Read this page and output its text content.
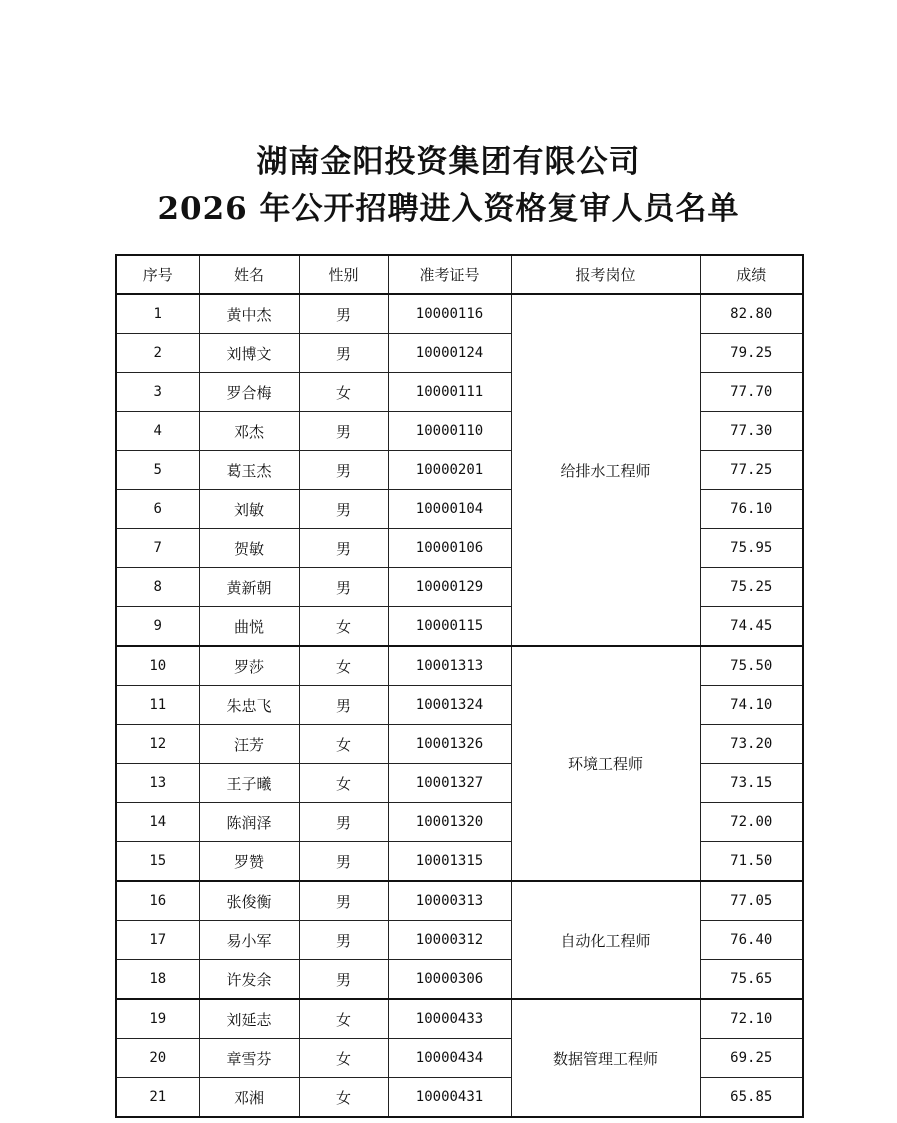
湖南金阳投资集团有限公司
2026 年公开招聘进入资格复审人员名单
序号	姓名	性别	准考证号	报考岗位	成绩
1	黄中杰	男	10000116	给排水工程师	82.80
2	刘博文	男	10000124		79.25
3	罗合梅	女	10000111		77.70
4	邓杰	男	10000110		77.30
5	葛玉杰	男	10000201		77.25
6	刘敏	男	10000104		76.10
7	贺敏	男	10000106		75.95
8	黄新朝	男	10000129		75.25
9	曲悦	女	10000115		74.45
10	罗莎	女	10001313	环境工程师	75.50
11	朱忠飞	男	10001324		74.10
12	汪芳	女	10001326		73.20
13	王子曦	女	10001327		73.15
14	陈润泽	男	10001320		72.00
15	罗赞	男	10001315		71.50
16	张俊衡	男	10000313	自动化工程师	77.05
17	易小军	男	10000312		76.40
18	许发余	男	10000306		75.65
19	刘延志	女	10000433	数据管理工程师	72.10
20	章雪芬	女	10000434		69.25
21	邓湘	女	10000431		65.85
